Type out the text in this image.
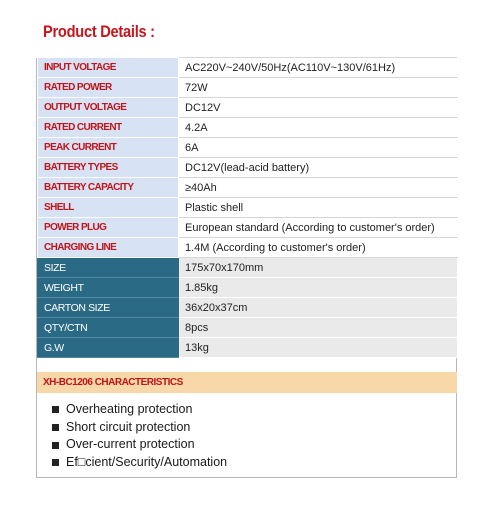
Product Details :
INPUT VOLTAGE	AC220V~240V/50Hz(AC110V~130V/61Hz)
RATED POWER	72W
OUTPUT VOLTAGE	DC12V
RATED CURRENT	4.2A
PEAK CURRENT	6A
BATTERY TYPES	DC12V(lead-acid battery)
BATTERY CAPACITY	≥40Ah
SHELL	Plastic shell
POWER PLUG	European standard (According to customer's order)
CHARGING LINE	1.4M (According to customer's order)
SIZE	175x70x170mm
WEIGHT	1.85kg
CARTON SIZE	36x20x37cm
QTY/CTN	8pcs
G.W	13kg
XH-BC1206 CHARACTERISTICS
Overheating protection
Short circuit protection
Over-current protection
Ef□cient/Security/Automation
